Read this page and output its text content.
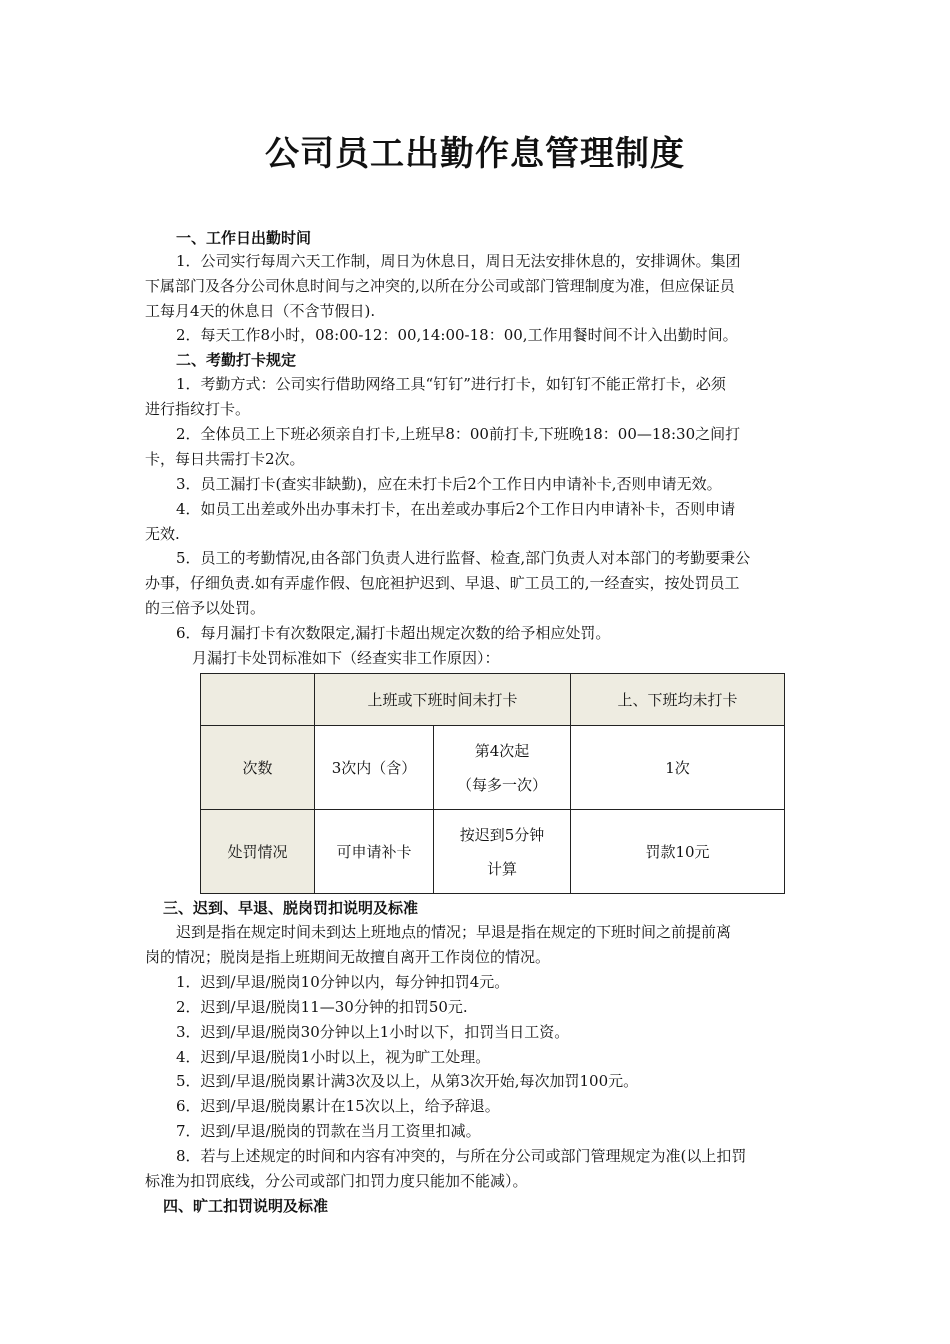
公司员工出勤作息管理制度

一、工作日出勤时间

1．公司实行每周六天工作制，周日为休息日，周日无法安排休息的，安排调休。集团

下属部门及各分公司休息时间与之冲突的,以所在分公司或部门管理制度为准，但应保证员

工每月4天的休息日（不含节假日).

2．每天工作8小时，08:00-12：00,14:00-18：00,工作用餐时间不计入出勤时间。

二、考勤打卡规定

1．考勤方式：公司实行借助网络工具“钉钉”进行打卡，如钉钉不能正常打卡，必须

进行指纹打卡。

2．全体员工上下班必须亲自打卡,上班早8：00前打卡,下班晚18：00—18:30之间打

卡，每日共需打卡2次。

3．员工漏打卡(查实非缺勤)，应在未打卡后2个工作日内申请补卡,否则申请无效。

4．如员工出差或外出办事未打卡，在出差或办事后2个工作日内申请补卡，否则申请

无效.

5．员工的考勤情况,由各部门负责人进行监督、检查,部门负责人对本部门的考勤要秉公

办事，仔细负责.如有弄虚作假、包庇袒护迟到、早退、旷工员工的,一经查实，按处罚员工

的三倍予以处罚。

6．每月漏打卡有次数限定,漏打卡超出规定次数的给予相应处罚。

月漏打卡处罚标准如下（经查实非工作原因）：

	上班或下班时间未打卡		上、下班均未打卡
次数	3次内（含）	第4次起
（每多一次）	1次
处罚情况	可申请补卡	按迟到5分钟
计算	罚款10元

三、迟到、早退、脱岗罚扣说明及标准

迟到是指在规定时间未到达上班地点的情况；早退是指在规定的下班时间之前提前离

岗的情况；脱岗是指上班期间无故擅自离开工作岗位的情况。

1．迟到/早退/脱岗10分钟以内，每分钟扣罚4元。

2．迟到/早退/脱岗11—30分钟的扣罚50元.

3．迟到/早退/脱岗30分钟以上1小时以下，扣罚当日工资。

4．迟到/早退/脱岗1小时以上，视为旷工处理。

5．迟到/早退/脱岗累计满3次及以上，从第3次开始,每次加罚100元。

6．迟到/早退/脱岗累计在15次以上，给予辞退。

7．迟到/早退/脱岗的罚款在当月工资里扣减。

8．若与上述规定的时间和内容有冲突的，与所在分公司或部门管理规定为准(以上扣罚

标准为扣罚底线，分公司或部门扣罚力度只能加不能减）。

四、旷工扣罚说明及标准
